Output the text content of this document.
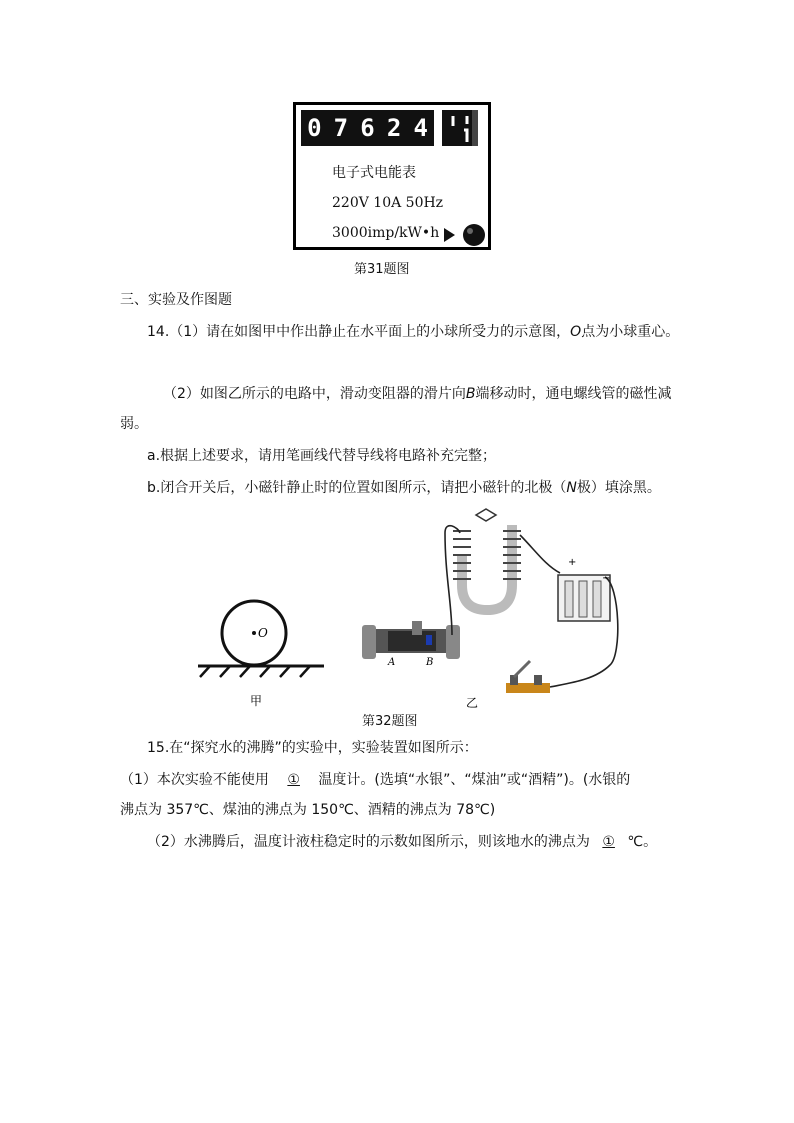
0 7 6 2 4
电子式电能表
220V 10A 50Hz
3000imp/kW•h
第31题图
三、实验及作图题
14.（1）请在如图甲中作出静止在水平面上的小球所受力的示意图，O点为小球重心。
（2）如图乙所示的电路中，滑动变阻器的滑片向B端移动时，通电螺线管的磁性减
弱。
a.根据上述要求，请用笔画线代替导线将电路补充完整；
b.闭合开关后，小磁针静止时的位置如图所示，请把小磁针的北极（N极）填涂黑。
O
A	B
+
−
甲	乙
第32题图
15.在“探究水的沸腾”的实验中，实验装置如图所示：
（1）本次实验不能使用 ① 温度计。(选填“水银”、“煤油”或“酒精”)。(水银的
沸点为 357℃、煤油的沸点为 150℃、酒精的沸点为 78℃)
（2）水沸腾后，温度计液柱稳定时的示数如图所示，则该地水的沸点为 ① ℃。
